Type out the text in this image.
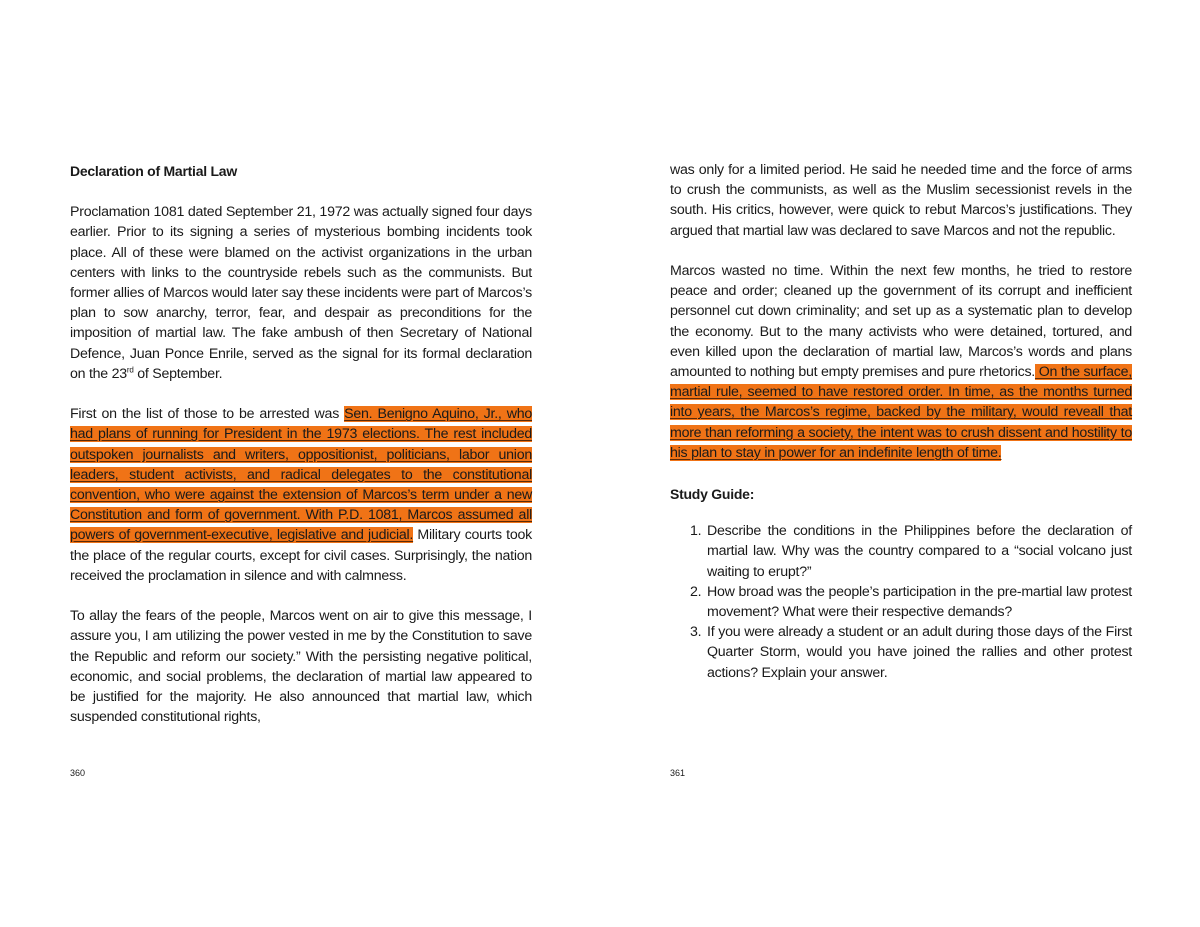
Declaration of Martial Law

Proclamation 1081 dated September 21, 1972 was actually signed four days earlier. Prior to its signing a series of mysterious bombing incidents took place. All of these were blamed on the activist organizations in the urban centers with links to the countryside rebels such as the communists. But former allies of Marcos would later say these incidents were part of Marcos’s plan to sow anarchy, terror, fear, and despair as preconditions for the imposition of martial law. The fake ambush of then Secretary of National Defence, Juan Ponce Enrile, served as the signal for its formal declaration on the 23rd of September.

First on the list of those to be arrested was Sen. Benigno Aquino, Jr., who had plans of running for President in the 1973 elections. The rest included outspoken journalists and writers, oppositionist, politicians, labor union leaders, student activists, and radical delegates to the constitutional convention, who were against the extension of Marcos’s term under a new Constitution and form of government. With P.D. 1081, Marcos assumed all powers of government-executive, legislative and judicial. Military courts took the place of the regular courts, except for civil cases. Surprisingly, the nation received the proclamation in silence and with calmness.

To allay the fears of the people, Marcos went on air to give this message, I assure you, I am utilizing the power vested in me by the Constitution to save the Republic and reform our society.” With the persisting negative political, economic, and social problems, the declaration of martial law appeared to be justified for the majority. He also announced that martial law, which suspended constitutional rights,

360

was only for a limited period. He said he needed time and the force of arms to crush the communists, as well as the Muslim secessionist revels in the south. His critics, however, were quick to rebut Marcos’s justifications. They argued that martial law was declared to save Marcos and not the republic.

Marcos wasted no time. Within the next few months, he tried to restore peace and order; cleaned up the government of its corrupt and inefficient personnel cut down criminality; and set up as a systematic plan to develop the economy. But to the many activists who were detained, tortured, and even killed upon the declaration of martial law, Marcos’s words and plans amounted to nothing but empty premises and pure rhetorics. On the surface, martial rule, seemed to have restored order. In time, as the months turned into years, the Marcos’s regime, backed by the military, would reveall that more than reforming a society, the intent was to crush dissent and hostility to his plan to stay in power for an indefinite length of time.

Study Guide:
1. Describe the conditions in the Philippines before the declaration of martial law. Why was the country compared to a “social volcano just waiting to erupt?”
2. How broad was the people’s participation in the pre-martial law protest movement? What were their respective demands?
3. If you were already a student or an adult during those days of the First Quarter Storm, would you have joined the rallies and other protest actions? Explain your answer.
361
